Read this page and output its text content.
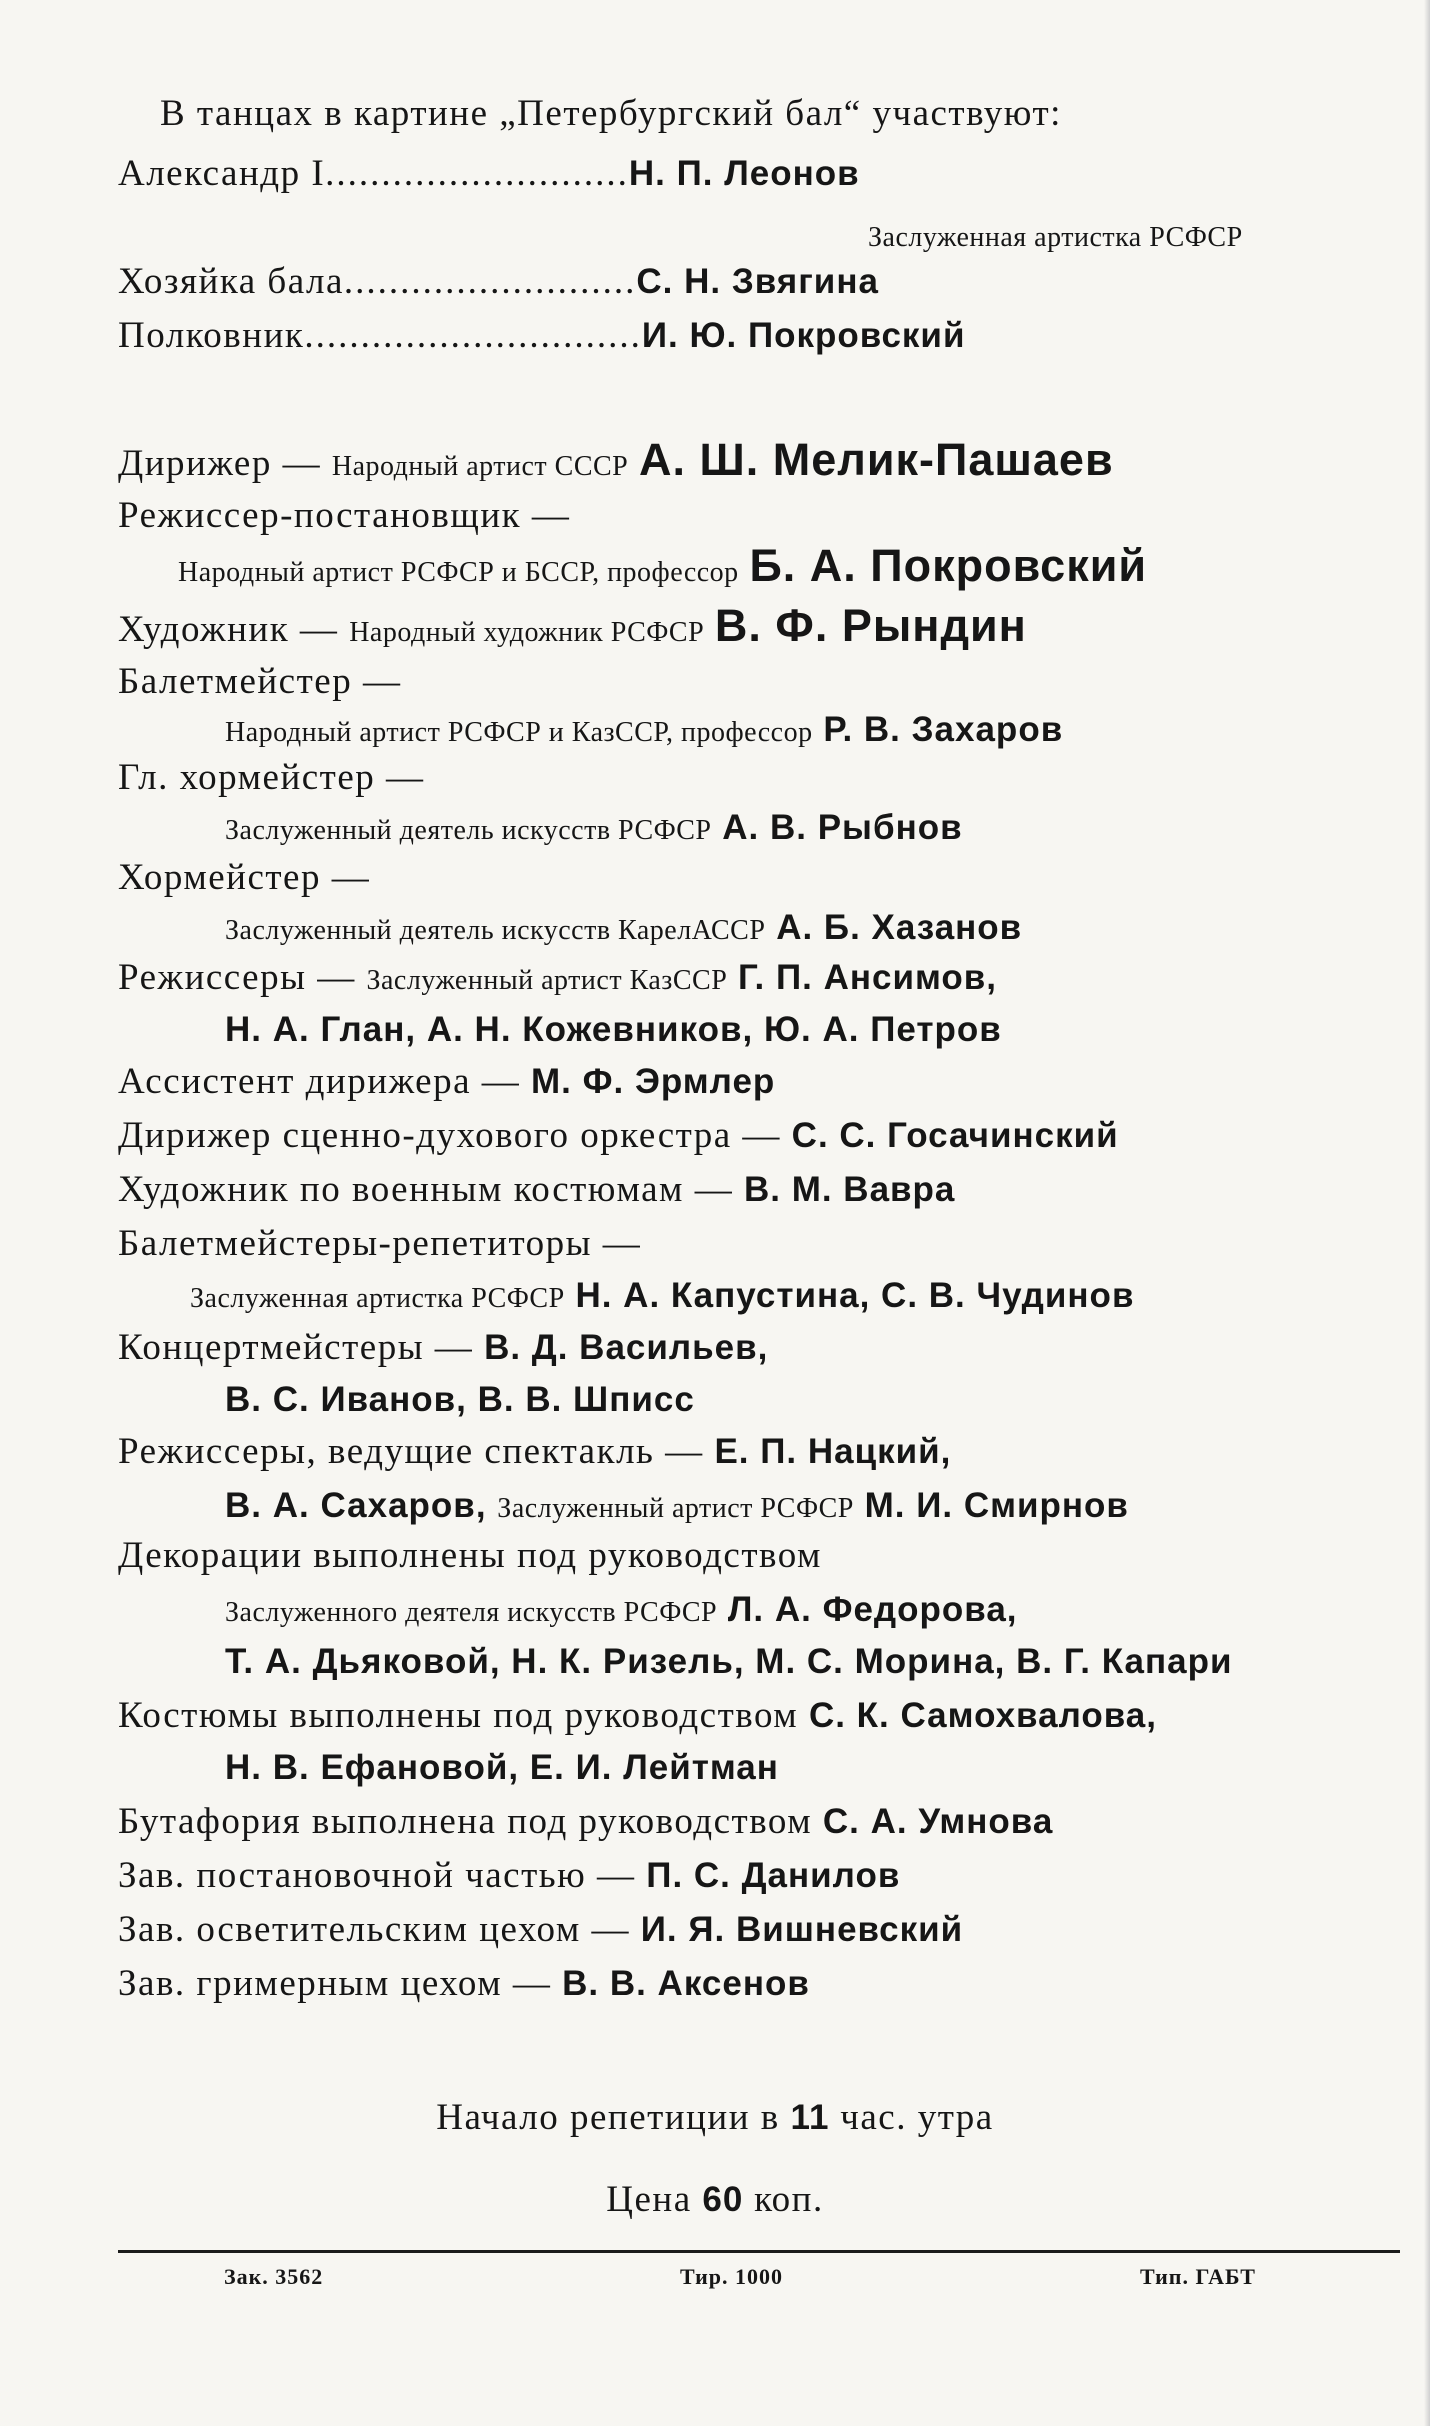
В танцах в картине „Петербургский бал“ участвуют:
Александр I...........................Н. П. Леонов
Заслуженная артистка РСФСР
Хозяйка бала..........................С. Н. Звягина
Полковник..............................И. Ю. Покровский
Дирижер — Народный артист СССР А. Ш. Мелик-Пашаев
Режиссер-постановщик —
Народный артист РСФСР и БССР, профессор Б. А. Покровский
Художник — Народный художник РСФСР В. Ф. Рындин
Балетмейстер —
Народный артист РСФСР и КазССР, профессор Р. В. Захаров
Гл. хормейстер —
Заслуженный деятель искусств РСФСР А. В. Рыбнов
Хормейстер —
Заслуженный деятель искусств КарелАССР А. Б. Хазанов
Режиссеры — Заслуженный артист КазССР Г. П. Ансимов,
Н. А. Глан, А. Н. Кожевников, Ю. А. Петров
Ассистент дирижера — М. Ф. Эрмлер
Дирижер сценно-духового оркестра — С. С. Госачинский
Художник по военным костюмам — В. М. Вавра
Балетмейстеры-репетиторы —
Заслуженная артистка РСФСР Н. А. Капустина, С. В. Чудинов
Концертмейстеры — В. Д. Васильев,
В. С. Иванов, В. В. Шписс
Режиссеры, ведущие спектакль — Е. П. Нацкий,
В. А. Сахаров, Заслуженный артист РСФСР М. И. Смирнов
Декорации выполнены под руководством
Заслуженного деятеля искусств РСФСР Л. А. Федорова,
Т. А. Дьяковой, Н. К. Ризель, М. С. Морина, В. Г. Капари
Костюмы выполнены под руководством С. К. Самохвалова,
Н. В. Ефановой, Е. И. Лейтман
Бутафория выполнена под руководством С. А. Умнова
Зав. постановочной частью — П. С. Данилов
Зав. осветительским цехом — И. Я. Вишневский
Зав. гримерным цехом — В. В. Аксенов
Начало репетиции в 11 час. утра
Цена 60 коп.
Зак. 3562	Тир. 1000	Тип. ГАБТ
